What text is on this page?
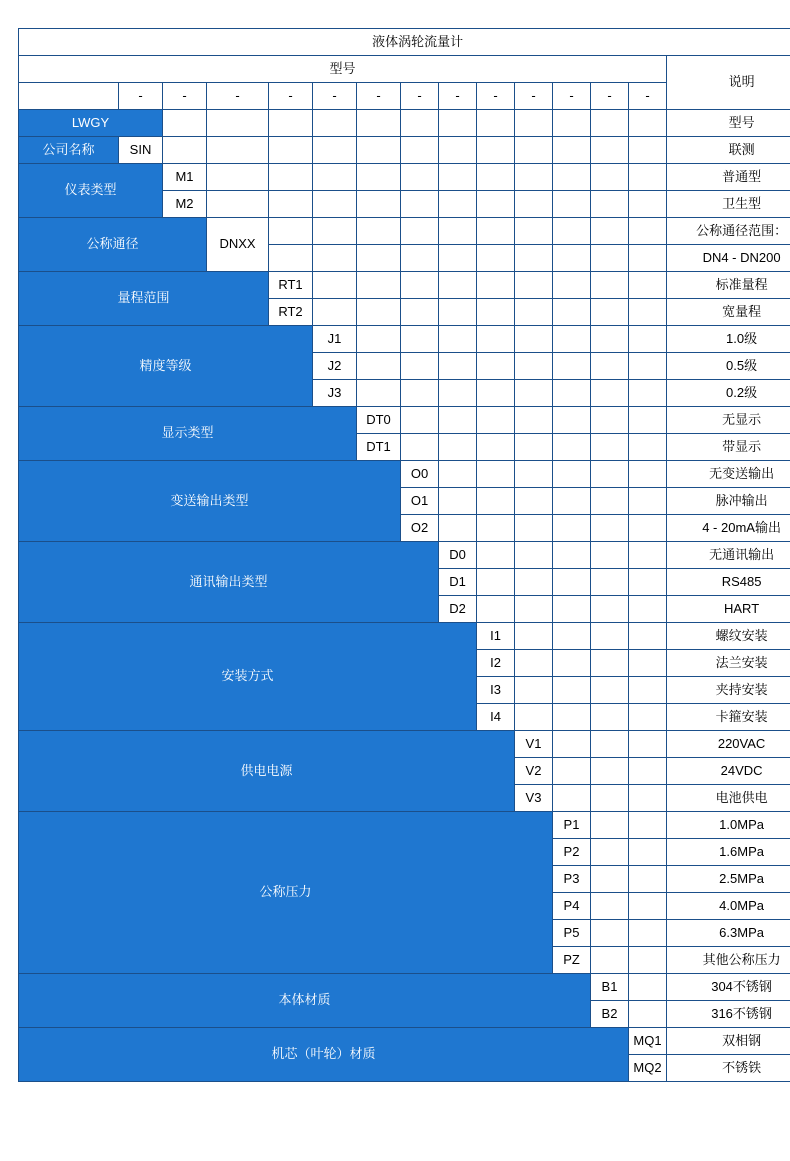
液体涡轮流量计														
型号														说明
	-	-	-	-	-	-	-	-	-	-	-	-	-	
LWGY														型号
公司名称	SIN													联测
仪表类型		M1												普通型
		M2												卫生型
公称通径			DNXX											公称通径范围：
														DN4 - DN200
量程范围				RT1										标准量程
				RT2										宽量程
精度等级					J1									1.0级
					J2									0.5级
					J3									0.2级
显示类型						DT0								无显示
						DT1								带显示
变送输出类型							O0							无变送输出
							O1							脉冲输出
							O2							4 - 20mA输出
通讯输出类型								D0						无通讯输出
								D1						RS485
								D2						HART
安装方式									I1					螺纹安装
									I2					法兰安装
									I3					夹持安装
									I4					卡箍安装
供电电源										V1				220VAC
										V2				24VDC
										V3				电池供电
公称压力											P1			1.0MPa
											P2			1.6MPa
											P3			2.5MPa
											P4			4.0MPa
											P5			6.3MPa
											PZ			其他公称压力
本体材质												B1		304不锈钢
												B2		316不锈钢
机芯（叶轮）材质													MQ1	双相钢
													MQ2	不锈铁
